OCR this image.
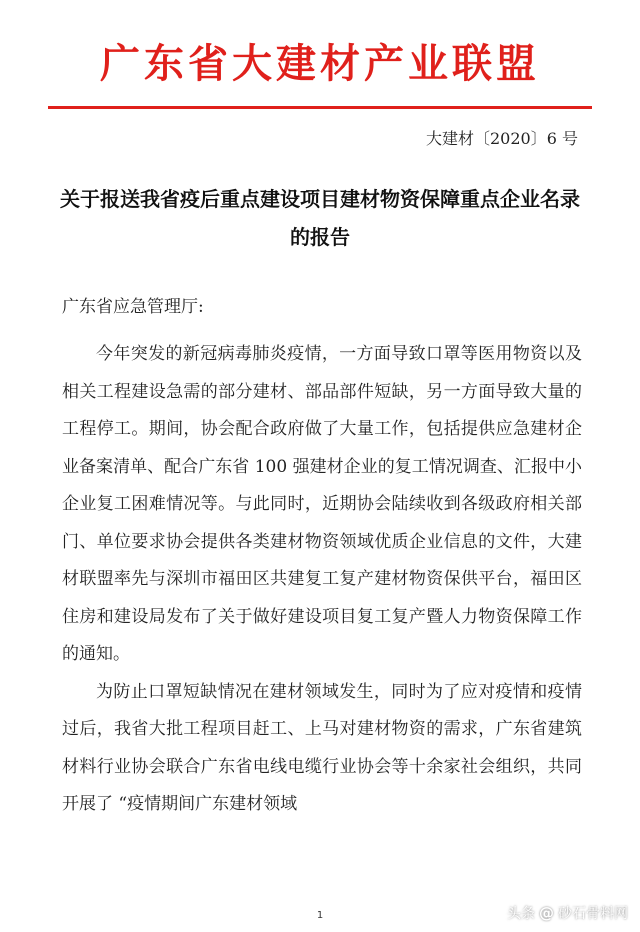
广东省大建材产业联盟
大建材〔2020〕6 号
关于报送我省疫后重点建设项目建材物资保障重点企业名录的报告
广东省应急管理厅:

今年突发的新冠病毒肺炎疫情，一方面导致口罩等医用物资以及相关工程建设急需的部分建材、部品部件短缺，另一方面导致大量的工程停工。期间，协会配合政府做了大量工作，包括提供应急建材企业备案清单、配合广东省 100 强建材企业的复工情况调查、汇报中小企业复工困难情况等。与此同时，近期协会陆续收到各级政府相关部门、单位要求协会提供各类建材物资领域优质企业信息的文件，大建材联盟率先与深圳市福田区共建复工复产建材物资保供平台，福田区住房和建设局发布了关于做好建设项目复工复产暨人力物资保障工作的通知。

为防止口罩短缺情况在建材领域发生，同时为了应对疫情和疫情过后，我省大批工程项目赶工、上马对建材物资的需求，广东省建筑材料行业协会联合广东省电线电缆行业协会等十余家社会组织，共同开展了 “疫情期间广东建材领域

1	头条 @ 砂石骨料网
